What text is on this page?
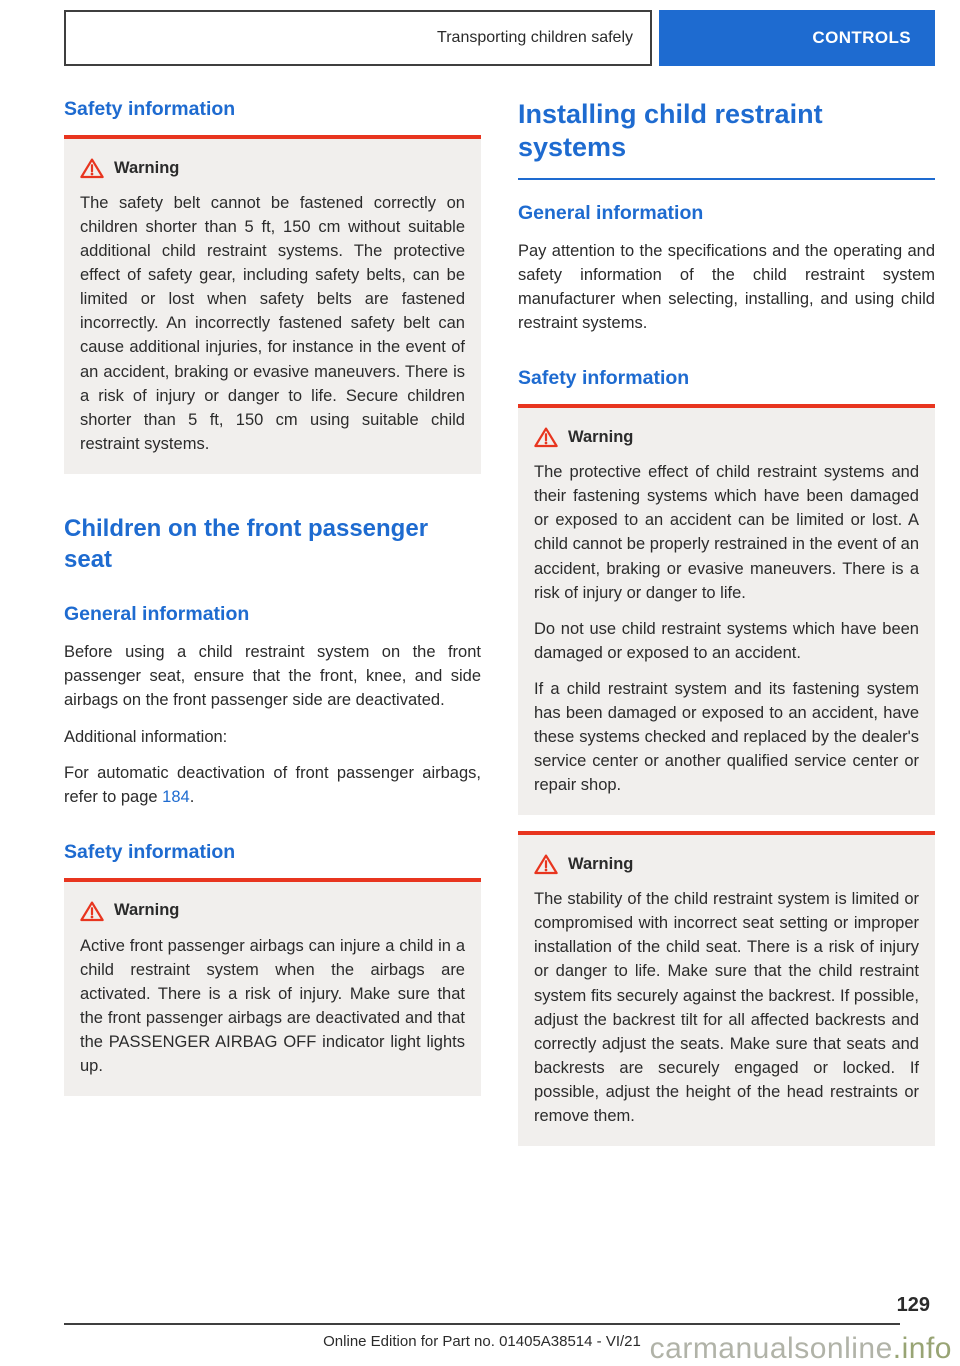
Transporting children safely	CONTROLS
Safety information
Warning

The safety belt cannot be fastened correctly on children shorter than 5 ft, 150 cm without suitable additional child restraint systems. The protective effect of safety gear, including safety belts, can be limited or lost when safety belts are fastened incorrectly. An incorrectly fastened safety belt can cause additional injuries, for instance in the event of an accident, braking or evasive maneuvers. There is a risk of injury or danger to life. Secure children shorter than 5 ft, 150 cm using suitable child restraint systems.

Children on the front passenger seat
General information

Before using a child restraint system on the front passenger seat, ensure that the front, knee, and side airbags on the front passenger side are deactivated.

Additional information:

For automatic deactivation of front passenger airbags, refer to page 184.

Safety information
Warning

Active front passenger airbags can injure a child in a child restraint system when the airbags are activated. There is a risk of injury. Make sure that the front passenger airbags are deactivated and that the PASSENGER AIRBAG OFF indicator light lights up.

Installing child restraint systems
General information

Pay attention to the specifications and the operating and safety information of the child restraint system manufacturer when selecting, installing, and using child restraint systems.

Safety information
Warning

The protective effect of child restraint systems and their fastening systems which have been damaged or exposed to an accident can be limited or lost. A child cannot be properly restrained in the event of an accident, braking or evasive maneuvers. There is a risk of injury or danger to life.

Do not use child restraint systems which have been damaged or exposed to an accident.

If a child restraint system and its fastening system has been damaged or exposed to an accident, have these systems checked and replaced by the dealer's service center or another qualified service center or repair shop.

Warning

The stability of the child restraint system is limited or compromised with incorrect seat setting or improper installation of the child seat. There is a risk of injury or danger to life. Make sure that the child restraint system fits securely against the backrest. If possible, adjust the backrest tilt for all affected backrests and correctly adjust the seats. Make sure that seats and backrests are securely engaged or locked. If possible, adjust the height of the head restraints or remove them.

129
Online Edition for Part no. 01405A38514 - VI/21 carmanualsonline.info
